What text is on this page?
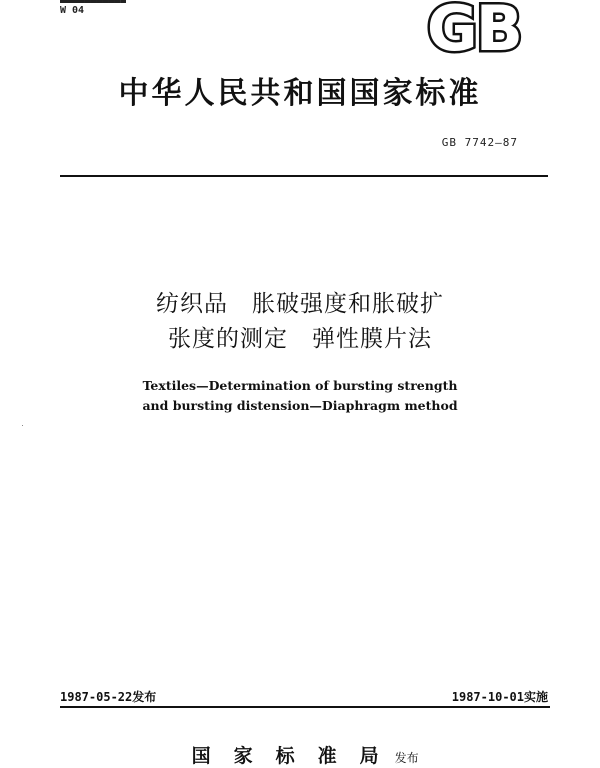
W 04	GB
中华人民共和国国家标准
GB 7742—87
纺织品　胀破强度和胀破扩
张度的测定　弹性膜片法
Textiles—Determination of bursting strength
and bursting distension—Diaphragm method
1987-05-22发布	1987-10-01实施

国　家　标　准　局 发布
